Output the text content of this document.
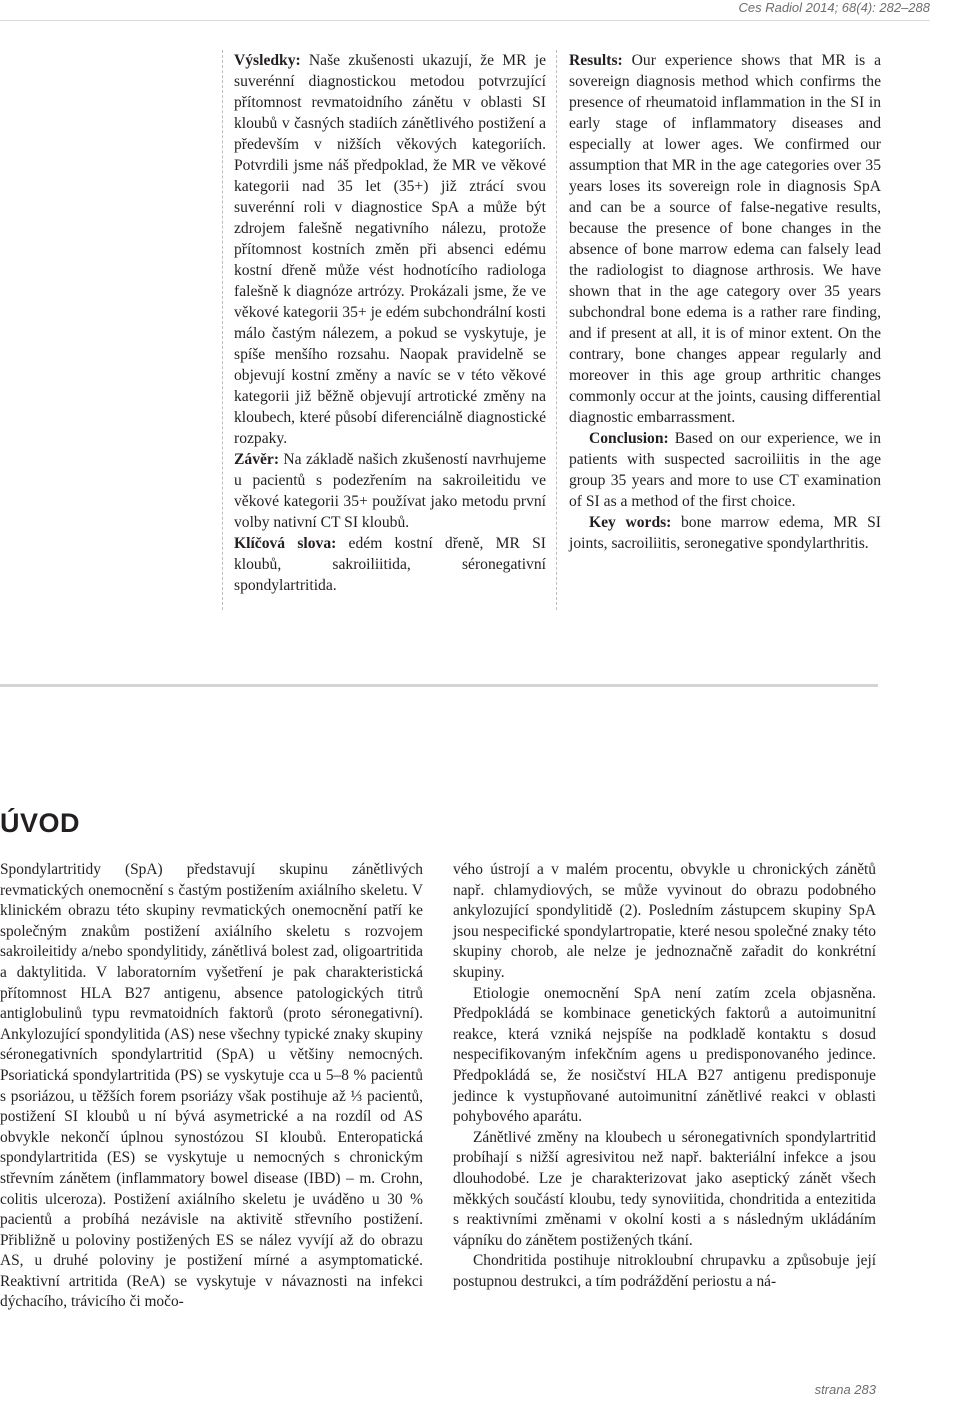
Ces Radiol 2014; 68(4): 282–288

Výsledky: Naše zkušenosti ukazují, že MR je suverénní diagnostickou metodou potvrzující přítomnost revmatoidního zánětu v oblasti SI kloubů v časných stadiích zánětlivého postižení a především v nižších věkových kategoriích. Potvrdili jsme náš předpoklad, že MR ve věkové kategorii nad 35 let (35+) již ztrácí svou suverénní roli v diagnostice SpA a může být zdrojem falešně negativního nálezu, protože přítomnost kostních změn při absenci edému kostní dřeně může vést hodnotícího radiologa falešně k diagnóze artrózy. Prokázali jsme, že ve věkové kategorii 35+ je edém subchondrální kosti málo častým nálezem, a pokud se vyskytuje, je spíše menšího rozsahu. Naopak pravidelně se objevují kostní změny a navíc se v této věkové kategorii již běžně objevují artrotické změny na kloubech, které působí diferenciálně diagnostické rozpaky.

Závěr: Na základě našich zkušeností navrhujeme u pacientů s podezřením na sakroileitidu ve věkové kategorii 35+ používat jako metodu první volby nativní CT SI kloubů.

Klíčová slova: edém kostní dřeně, MR SI kloubů, sakroiliitida, séronegativní spondylartritida.

Results: Our experience shows that MR is a sovereign diagnosis method which confirms the presence of rheumatoid inflammation in the SI in early stage of inflammatory diseases and especially at lower ages. We confirmed our assumption that MR in the age categories over 35 years loses its sovereign role in diagnosis SpA and can be a source of false-negative results, because the presence of bone changes in the absence of bone marrow edema can falsely lead the radiologist to diagnose arthrosis. We have shown that in the age category over 35 years subchondral bone edema is a rather rare finding, and if present at all, it is of minor extent. On the contrary, bone changes appear regularly and moreover in this age group arthritic changes commonly occur at the joints, causing differential diagnostic embarrassment.

Conclusion: Based on our experience, we in patients with suspected sacroiliitis in the age group 35 years and more to use CT examination of SI as a method of the first choice.

Key words: bone marrow edema, MR SI joints, sacroiliitis, seronegative spondylarthritis.

ÚVOD

Spondylartritidy (SpA) představují skupinu zánětlivých revmatických onemocnění s častým postižením axiálního skeletu. V klinickém obrazu této skupiny revmatických onemocnění patří ke společným znakům postižení axiálního skeletu s rozvojem sakroileitidy a/nebo spondylitidy, zánětlivá bolest zad, oligoartritida a daktylitida. V laboratorním vyšetření je pak charakteristická přítomnost HLA B27 antigenu, absence patologických titrů antiglobulinů typu revmatoidních faktorů (proto séronegativní). Ankylozující spondylitida (AS) nese všechny typické znaky skupiny séronegativních spondylartritid (SpA) u většiny nemocných. Psoriatická spondylartritida (PS) se vyskytuje cca u 5–8 % pacientů s psoriázou, u těžších forem psoriázy však postihuje až ⅓ pacientů, postižení SI kloubů u ní bývá asymetrické a na rozdíl od AS obvykle nekončí úplnou synostózou SI kloubů. Enteropatická spondylartritida (ES) se vyskytuje u nemocných s chronickým střevním zánětem (inflammatory bowel disease (IBD) – m. Crohn, colitis ulceroza). Postižení axiálního skeletu je uváděno u 30 % pacientů a probíhá nezávisle na aktivitě střevního postižení. Přibližně u poloviny postižených ES se nález vyvíjí až do obrazu AS, u druhé poloviny je postižení mírné a asymptomatické. Reaktivní artritida (ReA) se vyskytuje v návaznosti na infekci dýchacího, trávicího či močo-

vého ústrojí a v malém procentu, obvykle u chronických zánětů např. chlamydiových, se může vyvinout do obrazu podobného ankylozující spondylitidě (2). Posledním zástupcem skupiny SpA jsou nespecifické spondylartropatie, které nesou společné znaky této skupiny chorob, ale nelze je jednoznačně zařadit do konkrétní skupiny.

Etiologie onemocnění SpA není zatím zcela objasněna. Předpokládá se kombinace genetických faktorů a autoimunitní reakce, která vzniká nejspíše na podkladě kontaktu s dosud nespecifikovaným infekčním agens u predisponovaného jedince. Předpokládá se, že nosičství HLA B27 antigenu predisponuje jedince k vystupňované autoimunitní zánětlivé reakci v oblasti pohybového aparátu.

Zánětlivé změny na kloubech u séronegativních spondylartritid probíhají s nižší agresivitou než např. bakteriální infekce a jsou dlouhodobé. Lze je charakterizovat jako aseptický zánět všech měkkých součástí kloubu, tedy synoviitida, chondritida a entezitida s reaktivními změnami v okolní kosti a s následným ukládáním vápníku do zánětem postižených tkání.

Chondritida postihuje nitrokloubní chrupavku a způsobuje její postupnou destrukci, a tím podráždění periostu a ná-

strana 283
